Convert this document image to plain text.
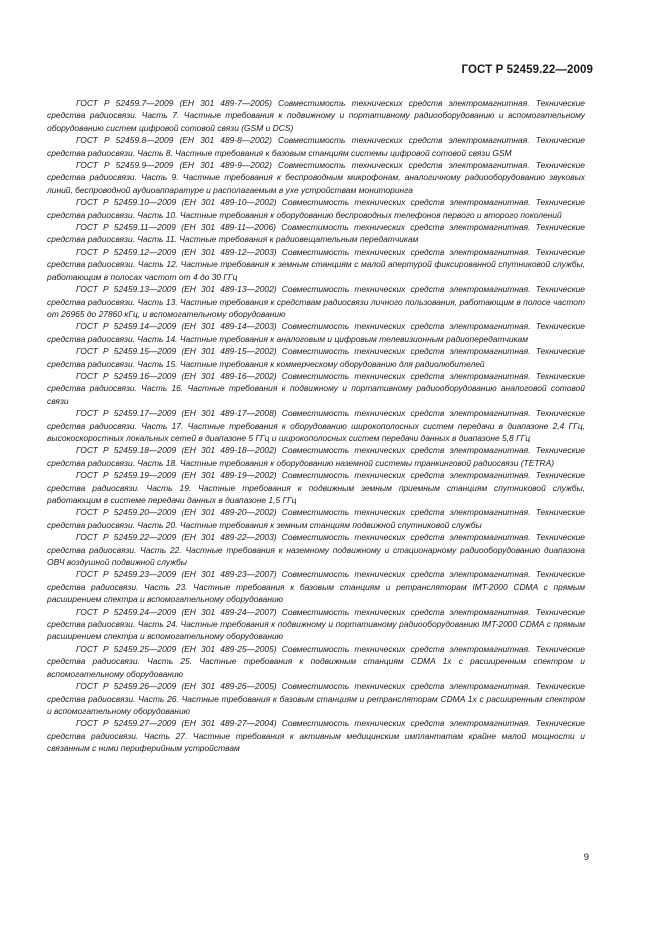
ГОСТ Р 52459.22—2009

ГОСТ Р 52459.7—2009 (ЕН 301 489-7—2005) Совместимость технических средств электромагнитная. Технические средства радиосвязи. Часть 7. Частные требования к подвижному и портативному радиооборудованию и вспомогательному оборудованию систем цифровой сотовой связи (GSM и DCS)

ГОСТ Р 52459.8—2009 (ЕН 301 489-8—2002) Совместимость технических средств электромагнитная. Технические средства радиосвязи. Часть 8. Частные требования к базовым станциям системы цифровой сотовой связи GSM

ГОСТ Р 52459.9—2009 (ЕН 301 489-9—2002) Совместимость технических средств электромагнитная. Технические средства радиосвязи. Часть 9. Частные требования к беспроводным микрофонам, аналогичному радиооборудованию звуковых линий, беспроводной аудиоаппаратуре и располагаемым в ухе устройствам мониторинга

ГОСТ Р 52459.10—2009 (ЕН 301 489-10—2002) Совместимость технических средств электромагнитная. Технические средства радиосвязи. Часть 10. Частные требования к оборудованию беспроводных телефонов первого и второго поколений

ГОСТ Р 52459.11—2009 (ЕН 301 489-11—2006) Совместимость технических средств электромагнитная. Технические средства радиосвязи. Часть 11. Частные требования к радиовещательным передатчикам

ГОСТ Р 52459.12—2009 (ЕН 301 489-12—2003) Совместимость технических средств электромагнитная. Технические средства радиосвязи. Часть 12. Частные требования к земным станциям с малой апертурой фиксированной спутниковой службы, работающим в полосах частот от 4 до 30 ГГц

ГОСТ Р 52459.13—2009 (ЕН 301 489-13—2002) Совместимость технических средств электромагнитная. Технические средства радиосвязи. Часть 13. Частные требования к средствам радиосвязи личного пользования, работающим в полосе частот от 26965 до 27860 кГц, и вспомогательному оборудованию

ГОСТ Р 52459.14—2009 (ЕН 301 489-14—2003) Совместимость технических средств электромагнитная. Технические средства радиосвязи. Часть 14. Частные требования к аналоговым и цифровым телевизионным радиопередатчикам

ГОСТ Р 52459.15—2009 (ЕН 301 489-15—2002) Совместимость технических средств электромагнитная. Технические средства радиосвязи. Часть 15. Частные требования к коммерческому оборудованию для радиолюбителей

ГОСТ Р 52459.16—2009 (ЕН 301 489-16—2002) Совместимость технических средств электромагнитная. Технические средства радиосвязи. Часть 16. Частные требования к подвижному и портативному радиооборудованию аналоговой сотовой связи

ГОСТ Р 52459.17—2009 (ЕН 301 489-17—2008) Совместимость технических средств электромагнитная. Технические средства радиосвязи. Часть 17. Частные требования к оборудованию широкополосных систем передачи в диапазоне 2,4 ГГц, высокоскоростных локальных сетей в диапазоне 5 ГГц и широкополосных систем передачи данных в диапазоне 5,8 ГГц

ГОСТ Р 52459.18—2009 (ЕН 301 489-18—2002) Совместимость технических средств электромагнитная. Технические средства радиосвязи. Часть 18. Частные требования к оборудованию наземной системы транкинговой радиосвязи (TETRA)

ГОСТ Р 52459.19—2009 (ЕН 301 489-19—2002) Совместимость технических средств электромагнитная. Технические средства радиосвязи. Часть 19. Частные требования к подвижным земным приемным станциям спутниковой службы, работающим в системе передачи данных в диапазоне 1,5 ГГц

ГОСТ Р 52459.20—2009 (ЕН 301 489-20—2002) Совместимость технических средств электромагнитная. Технические средства радиосвязи. Часть 20. Частные требования к земным станциям подвижной спутниковой службы

ГОСТ Р 52459.22—2009 (ЕН 301 489-22—2003) Совместимость технических средств электромагнитная. Технические средства радиосвязи. Часть 22. Частные требования к наземному подвижному и стационарному радиооборудованию диапазона ОВЧ воздушной подвижной службы

ГОСТ Р 52459.23—2009 (ЕН 301 489-23—2007) Совместимость технических средств электромагнитная. Технические средства радиосвязи. Часть 23. Частные требования к базовым станциям и ретрансляторам IMT-2000 CDMA с прямым расширением спектра и вспомогательному оборудованию

ГОСТ Р 52459.24—2009 (ЕН 301 489-24—2007) Совместимость технических средств электромагнитная. Технические средства радиосвязи. Часть 24. Частные требования к подвижному и портативному радиооборудованию IMT-2000 CDMA с прямым расширением спектра и вспомогательному оборудованию

ГОСТ Р 52459.25—2009 (ЕН 301 489-25—2005) Совместимость технических средств электромагнитная. Технические средства радиосвязи. Часть 25. Частные требования к подвижным станциям CDMA 1x с расширенным спектром и вспомогательному оборудованию

ГОСТ Р 52459.26—2009 (ЕН 301 489-26—2005) Совместимость технических средств электромагнитная. Технические средства радиосвязи. Часть 26. Частные требования к базовым станциям и ретрансляторам CDMA 1x с расширенным спектром и вспомогательному оборудованию

ГОСТ Р 52459.27—2009 (ЕН 301 489-27—2004) Совместимость технических средств электромагнитная. Технические средства радиосвязи. Часть 27. Частные требования к активным медицинским имплантатам крайне малой мощности и связанным с ними периферийным устройствам

9
